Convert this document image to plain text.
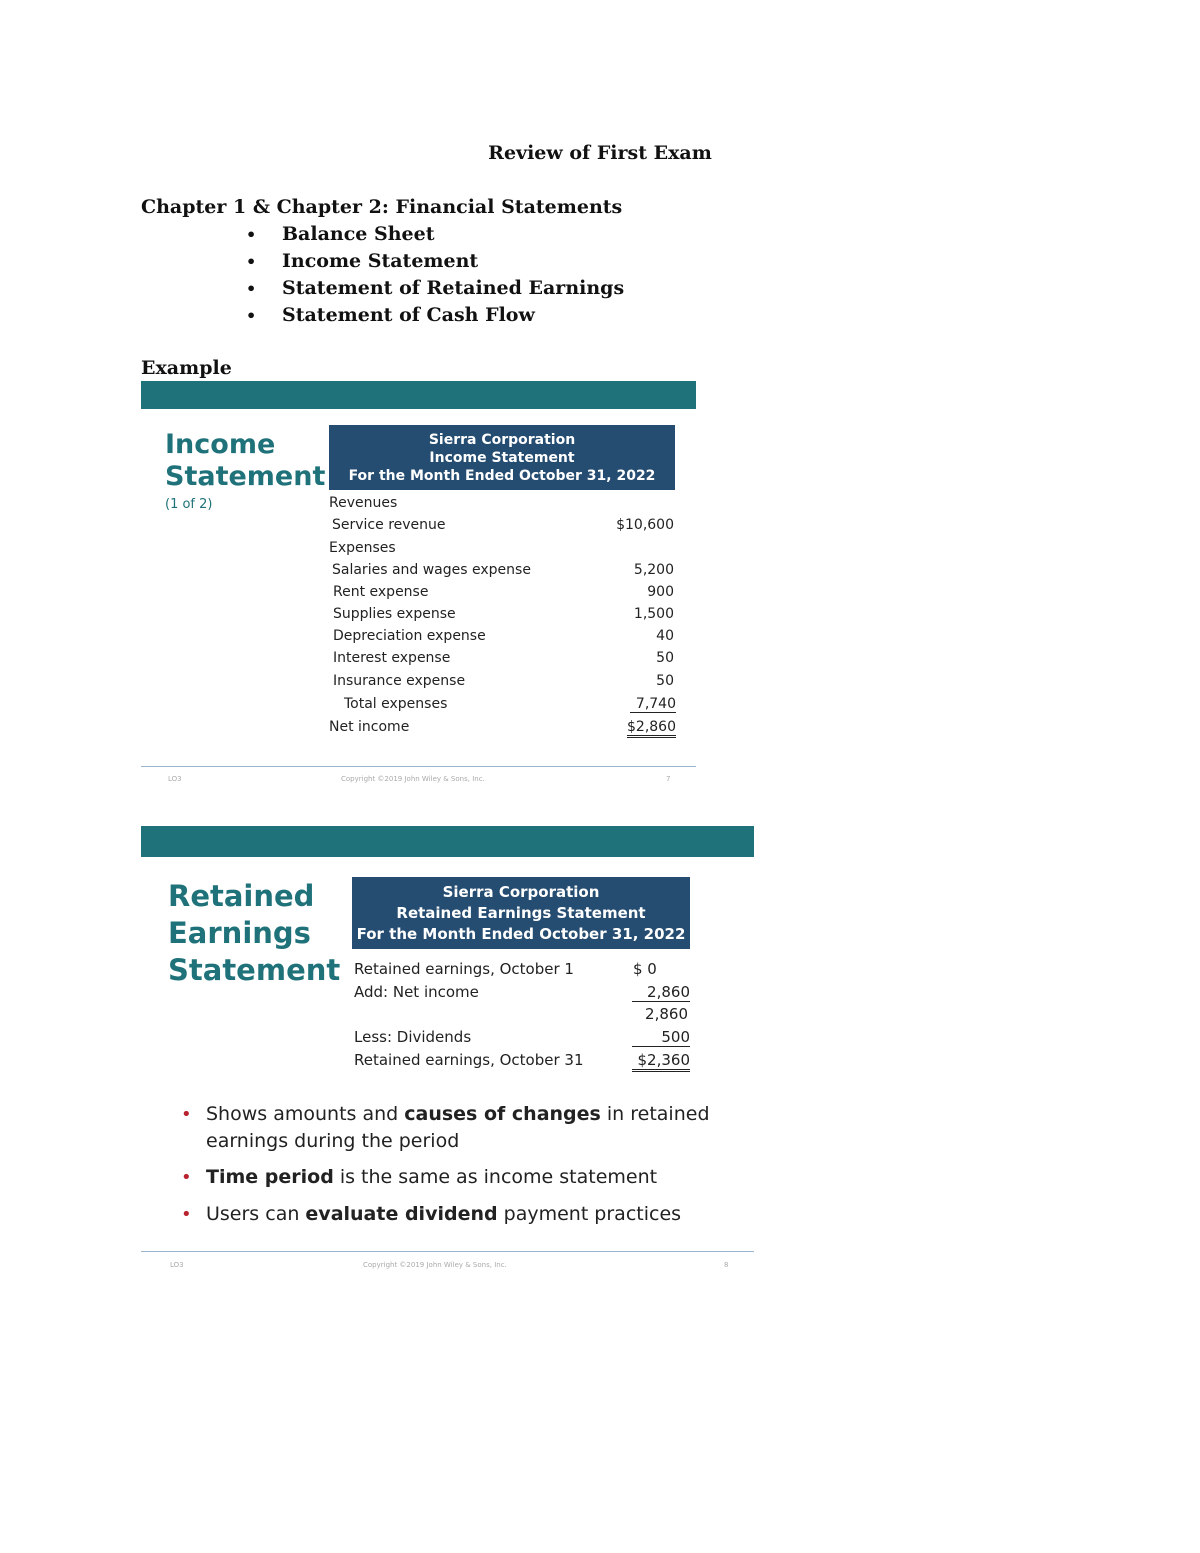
Review of First Exam
Chapter 1 & Chapter 2: Financial Statements
•	Balance Sheet
•	Income Statement
•	Statement of Retained Earnings
•	Statement of Cash Flow
Example
Income
Statement
(1 of 2)
Sierra Corporation
Income Statement
For the Month Ended October 31, 2022
Revenues
Service revenue	$10,600
Expenses
Salaries and wages expense	5,200
Rent expense	900
Supplies expense	1,500
Depreciation expense	40
Interest expense	50
Insurance expense	50
Total expenses	7,740
Net income	$2,860
LO3	Copyright ©2019 John Wiley & Sons, Inc.	7
Retained
Earnings
Statement
Sierra Corporation
Retained Earnings Statement
For the Month Ended October 31, 2022
Retained earnings, October 1	$ 0
Add: Net income	2,860
2,860
Less: Dividends	500
Retained earnings, October 31	$2,360
• Shows amounts and causes of changes in retained earnings during the period
• Time period is the same as income statement
• Users can evaluate dividend payment practices
LO3	Copyright ©2019 John Wiley & Sons, Inc.	8
